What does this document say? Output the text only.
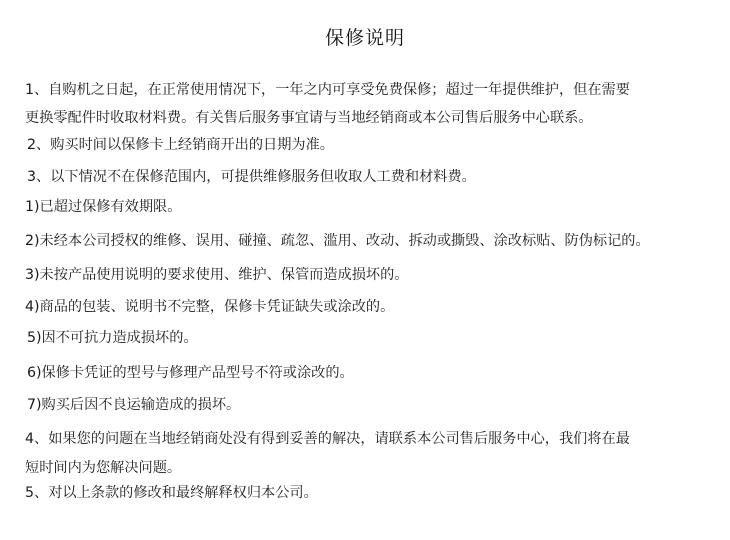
保修说明

1、自购机之日起，在正常使用情况下，一年之内可享受免费保修；超过一年提供维护，但在需要

更换零配件时收取材料费。有关售后服务事宜请与当地经销商或本公司售后服务中心联系。

2、购买时间以保修卡上经销商开出的日期为准。

3、以下情况不在保修范围内，可提供维修服务但收取人工费和材料费。

1)已超过保修有效期限。

2)未经本公司授权的维修、误用、碰撞、疏忽、滥用、改动、拆动或撕毁、涂改标贴、防伪标记的。

3)未按产品使用说明的要求使用、维护、保管而造成损坏的。

4)商品的包装、说明书不完整，保修卡凭证缺失或涂改的。

5)因不可抗力造成损坏的。

6)保修卡凭证的型号与修理产品型号不符或涂改的。

7)购买后因不良运输造成的损坏。

4、如果您的问题在当地经销商处没有得到妥善的解决，请联系本公司售后服务中心，我们将在最

短时间内为您解决问题。

5、对以上条款的修改和最终解释权归本公司。
